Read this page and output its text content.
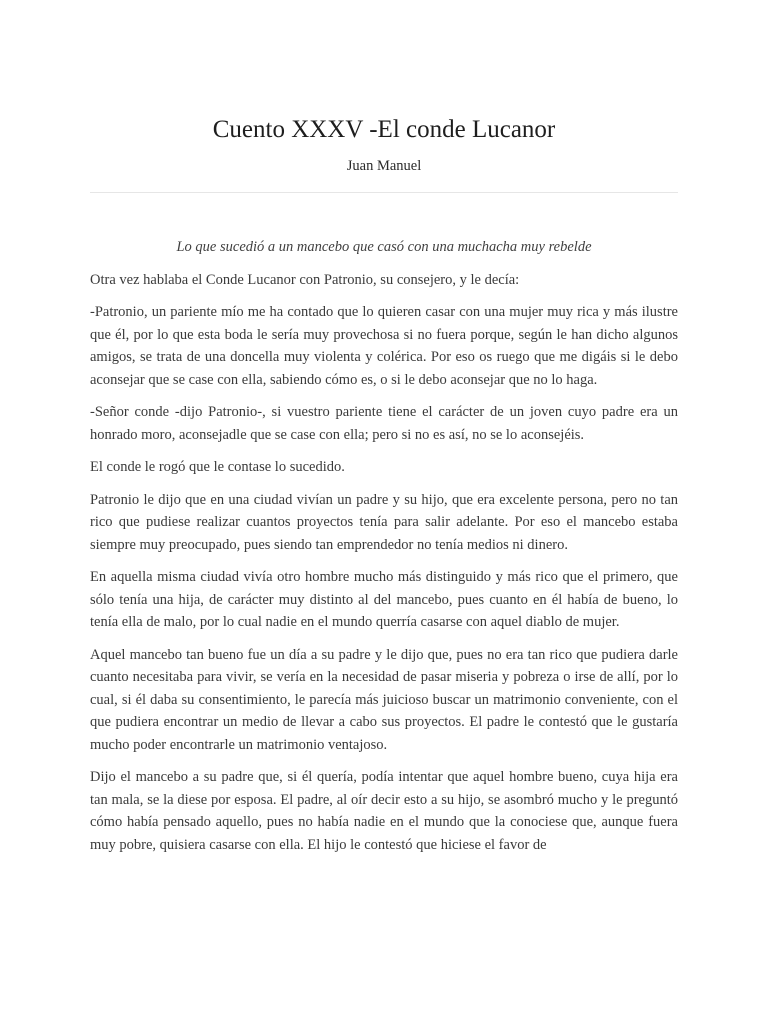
Cuento XXXV -El conde Lucanor
Juan Manuel

Lo que sucedió a un mancebo que casó con una muchacha muy rebelde

Otra vez hablaba el Conde Lucanor con Patronio, su consejero, y le decía:

-Patronio, un pariente mío me ha contado que lo quieren casar con una mujer muy rica y más ilustre que él, por lo que esta boda le sería muy provechosa si no fuera porque, según le han dicho algunos amigos, se trata de una doncella muy violenta y colérica. Por eso os ruego que me digáis si le debo aconsejar que se case con ella, sabiendo cómo es, o si le debo aconsejar que no lo haga.

-Señor conde -dijo Patronio-, si vuestro pariente tiene el carácter de un joven cuyo padre era un honrado moro, aconsejadle que se case con ella; pero si no es así, no se lo aconsejéis.

El conde le rogó que le contase lo sucedido.

Patronio le dijo que en una ciudad vivían un padre y su hijo, que era excelente persona, pero no tan rico que pudiese realizar cuantos proyectos tenía para salir adelante. Por eso el mancebo estaba siempre muy preocupado, pues siendo tan emprendedor no tenía medios ni dinero.

En aquella misma ciudad vivía otro hombre mucho más distinguido y más rico que el primero, que sólo tenía una hija, de carácter muy distinto al del mancebo, pues cuanto en él había de bueno, lo tenía ella de malo, por lo cual nadie en el mundo querría casarse con aquel diablo de mujer.

Aquel mancebo tan bueno fue un día a su padre y le dijo que, pues no era tan rico que pudiera darle cuanto necesitaba para vivir, se vería en la necesidad de pasar miseria y pobreza o irse de allí, por lo cual, si él daba su consentimiento, le parecía más juicioso buscar un matrimonio conveniente, con el que pudiera encontrar un medio de llevar a cabo sus proyectos. El padre le contestó que le gustaría mucho poder encontrarle un matrimonio ventajoso.

Dijo el mancebo a su padre que, si él quería, podía intentar que aquel hombre bueno, cuya hija era tan mala, se la diese por esposa. El padre, al oír decir esto a su hijo, se asombró mucho y le preguntó cómo había pensado aquello, pues no había nadie en el mundo que la conociese que, aunque fuera muy pobre, quisiera casarse con ella. El hijo le contestó que hiciese el favor de
